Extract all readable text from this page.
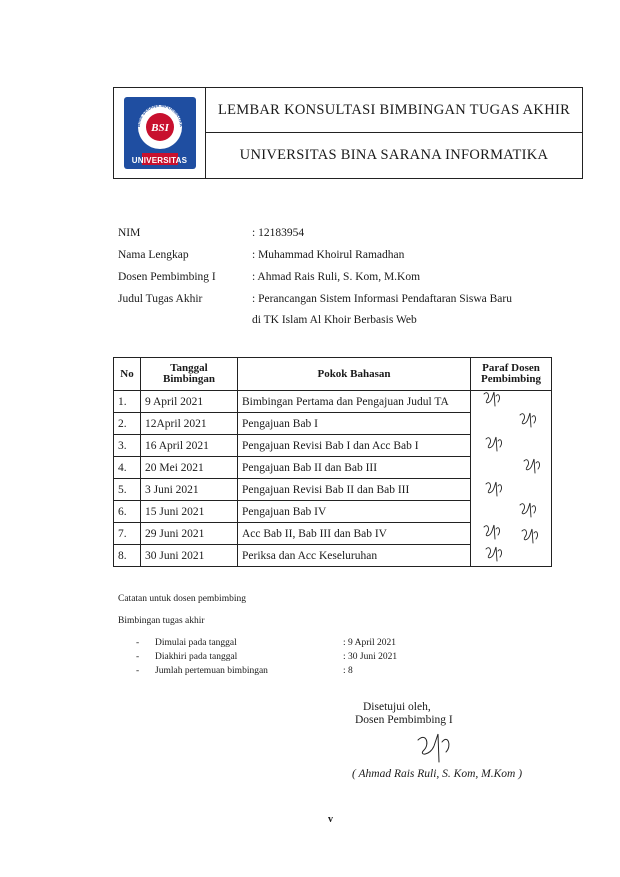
BINA SARANA INFORMATIKA
BSI
UNIVERSITAS
LEMBAR KONSULTASI BIMBINGAN TUGAS AKHIR
UNIVERSITAS BINA SARANA INFORMATIKA
NIM	: 12183954
Nama Lengkap	: Muhammad Khoirul Ramadhan
Dosen Pembimbing I	: Ahmad Rais Ruli, S. Kom, M.Kom
Judul Tugas Akhir	: Perancangan Sistem Informasi Pendaftaran Siswa Baru
di TK Islam Al Khoir Berbasis Web
No	Tanggal Bimbingan	Pokok Bahasan	Paraf Dosen Pembimbing
1.	9 April 2021	Bimbingan Pertama dan Pengajuan Judul TA	
2.	12April 2021	Pengajuan Bab I	
3.	16 April 2021	Pengajuan Revisi Bab I dan Acc Bab I	
4.	20 Mei 2021	Pengajuan Bab II dan Bab III	
5.	3 Juni 2021	Pengajuan Revisi Bab II dan Bab III	
6.	15 Juni 2021	Pengajuan Bab IV	
7.	29 Juni 2021	Acc Bab II, Bab III dan Bab IV	
8.	30 Juni 2021	Periksa dan Acc Keseluruhan	
Catatan untuk dosen pembimbing
Bimbingan tugas akhir
- Dimulai pada tanggal	: 9 April 2021
- Diakhiri pada tanggal	: 30 Juni 2021
- Jumlah pertemuan bimbingan	: 8
Disetujui oleh,
Dosen Pembimbing I
( Ahmad Rais Ruli, S. Kom, M.Kom )
v
